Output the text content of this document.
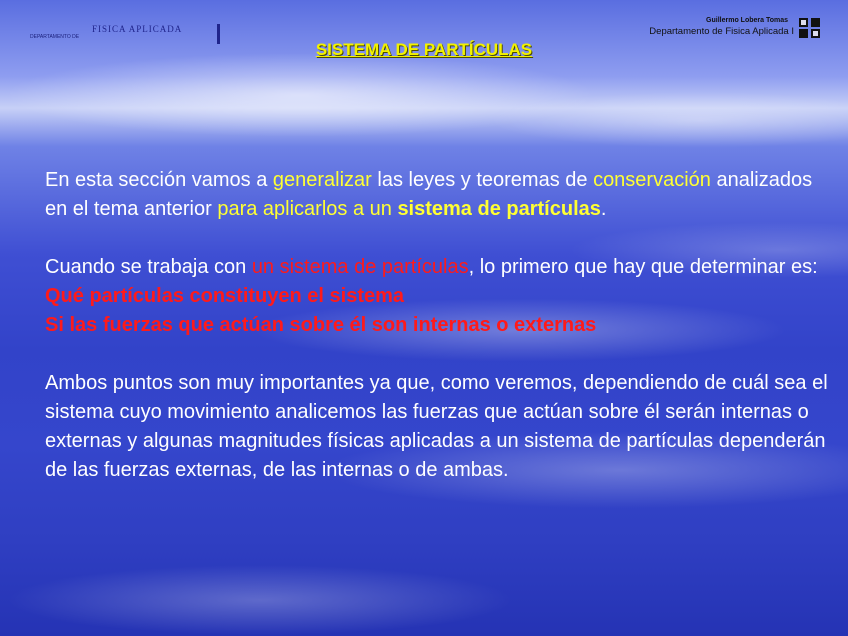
DEPARTAMENTO DE
FISICA APLICADA
Guillermo Lobera Tomas
Departamento de Fisica Aplicada I
SISTEMA DE PARTÍCULAS

En esta sección vamos a generalizar las leyes y teoremas de conservación analizados en el tema anterior para aplicarlos a un sistema de partículas.

Cuando se trabaja con un sistema de partículas, lo primero que hay que determinar es:

Qué partículas constituyen el sistema

Si las fuerzas que actúan sobre él son internas o externas

Ambos puntos son muy importantes ya que, como veremos, dependiendo de cuál sea el sistema cuyo movimiento analicemos las fuerzas que actúan sobre él serán internas o externas y algunas magnitudes físicas aplicadas a un sistema de partículas dependerán de las fuerzas externas, de las internas o de ambas.
